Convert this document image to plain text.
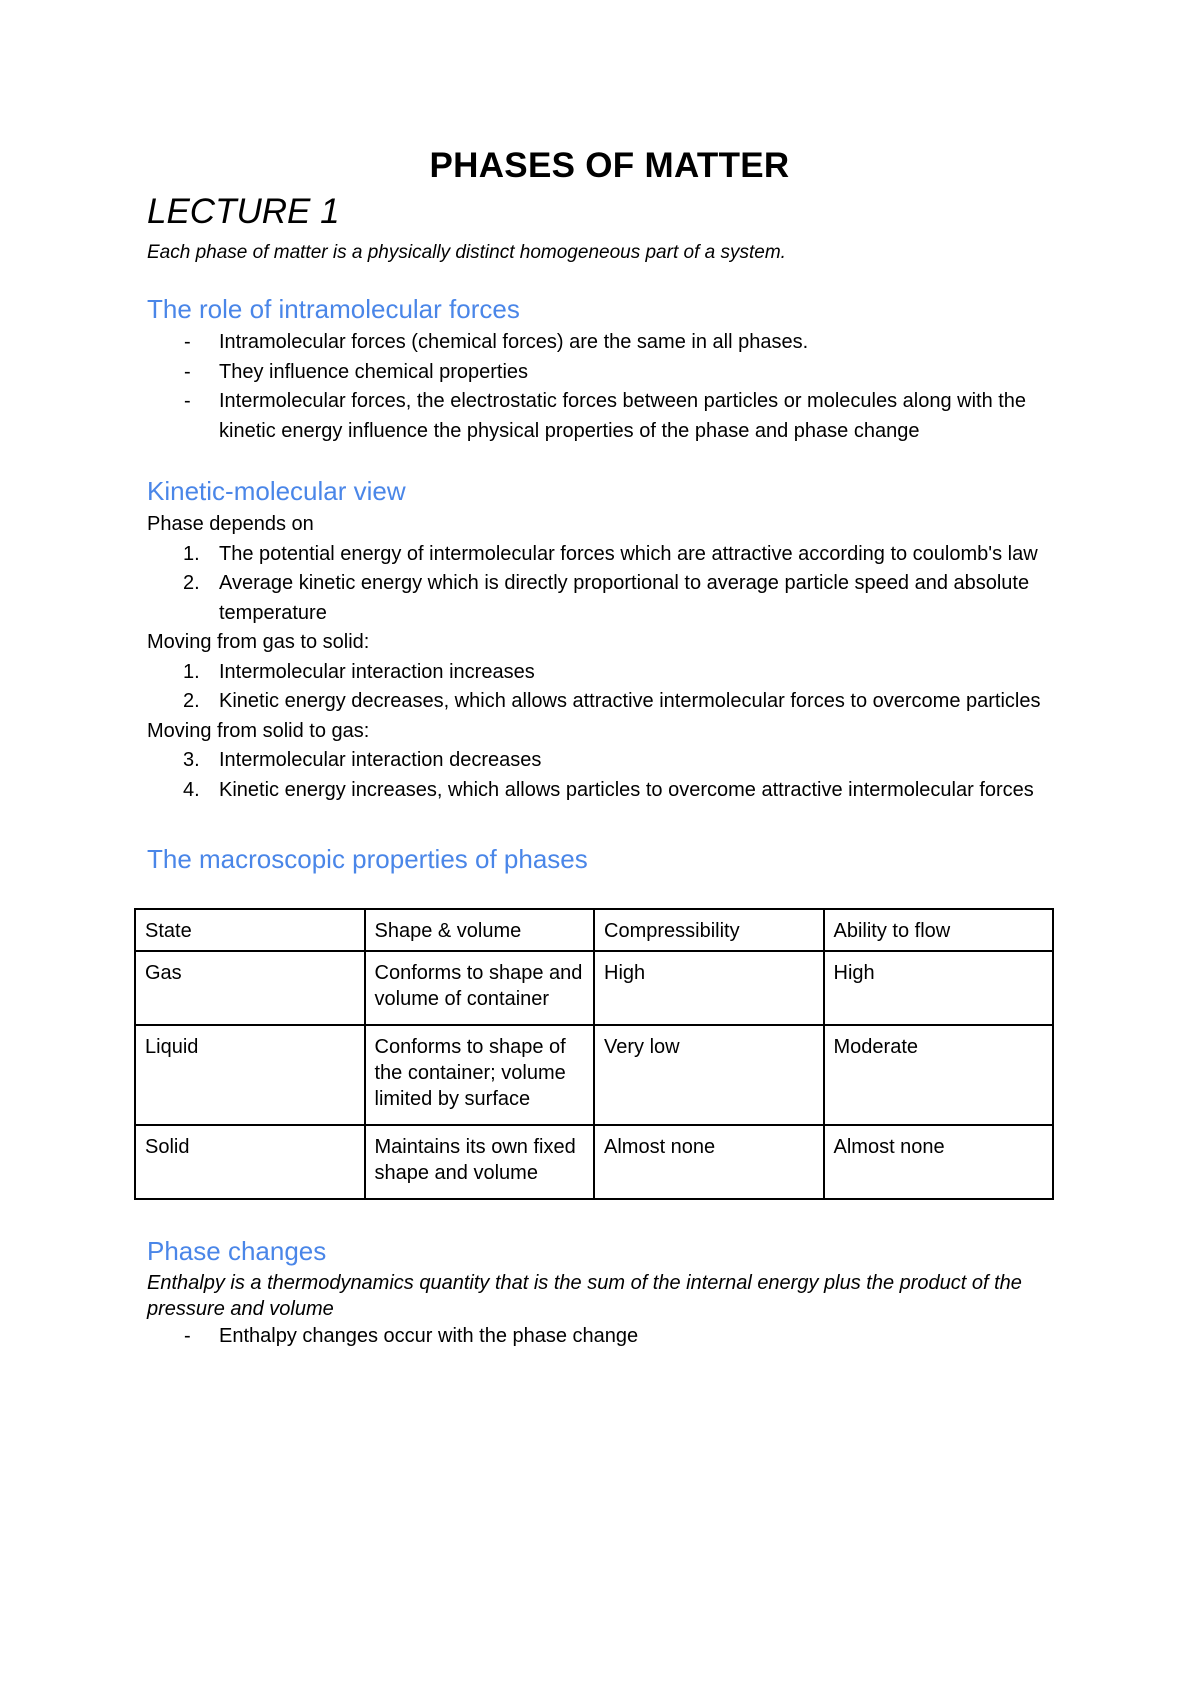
PHASES OF MATTER
LECTURE 1
Each phase of matter is a physically distinct homogeneous part of a system.
The role of intramolecular forces
- Intramolecular forces (chemical forces) are the same in all phases.
- They influence chemical properties
- Intermolecular forces, the electrostatic forces between particles or molecules along with the kinetic energy influence the physical properties of the phase and phase change
Kinetic-molecular view

Phase depends on

1. The potential energy of intermolecular forces which are attractive according to coulomb's law
2. Average kinetic energy which is directly proportional to average particle speed and absolute temperature

Moving from gas to solid:

1. Intermolecular interaction increases
2. Kinetic energy decreases, which allows attractive intermolecular forces to overcome particles

Moving from solid to gas:

3. Intermolecular interaction decreases
4. Kinetic energy increases, which allows particles to overcome attractive intermolecular forces
The macroscopic properties of phases
State	Shape & volume	Compressibility	Ability to flow
Gas	Conforms to shape and volume of container	High	High
Liquid	Conforms to shape of the container; volume limited by surface	Very low	Moderate
Solid	Maintains its own fixed shape and volume	Almost none	Almost none
Phase changes

Enthalpy is a thermodynamics quantity that is the sum of the internal energy plus the product of the pressure and volume

- Enthalpy changes occur with the phase change
